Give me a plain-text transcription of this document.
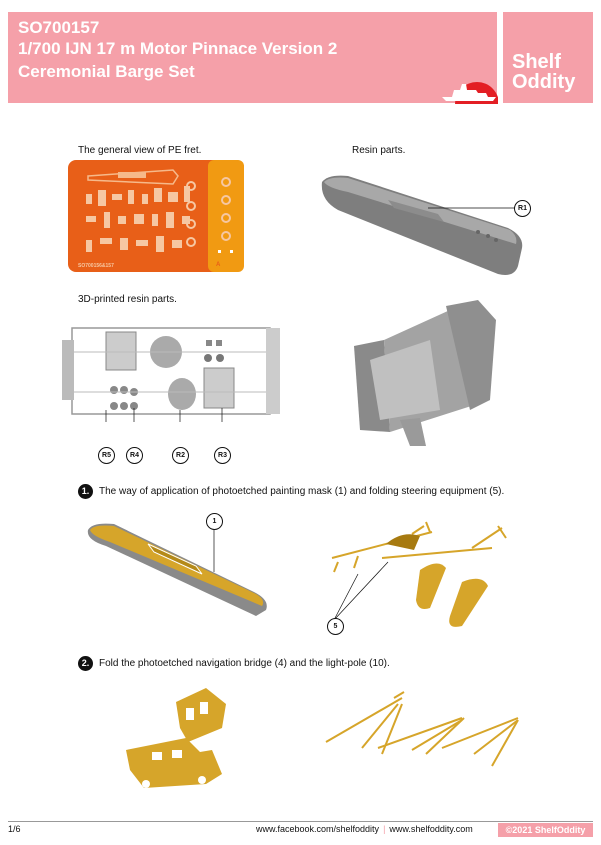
SO700157
1/700 IJN 17 m Motor Pinnace Version 2
Ceremonial Barge Set	Shelf
Oddity
The general view of PE fret.	Resin parts.
3D-printed resin parts.
SO700156&157	A
R1
R5	R4	R2	R3
1. The way of application of photoetched painting mask (1) and folding steering equipment (5).
1
5
2. Fold the photoetched navigation bridge (4) and the light-pole (10).
1/6	www.facebook.com/shelfoddity | www.shelfoddity.com	©2021 ShelfOddity
